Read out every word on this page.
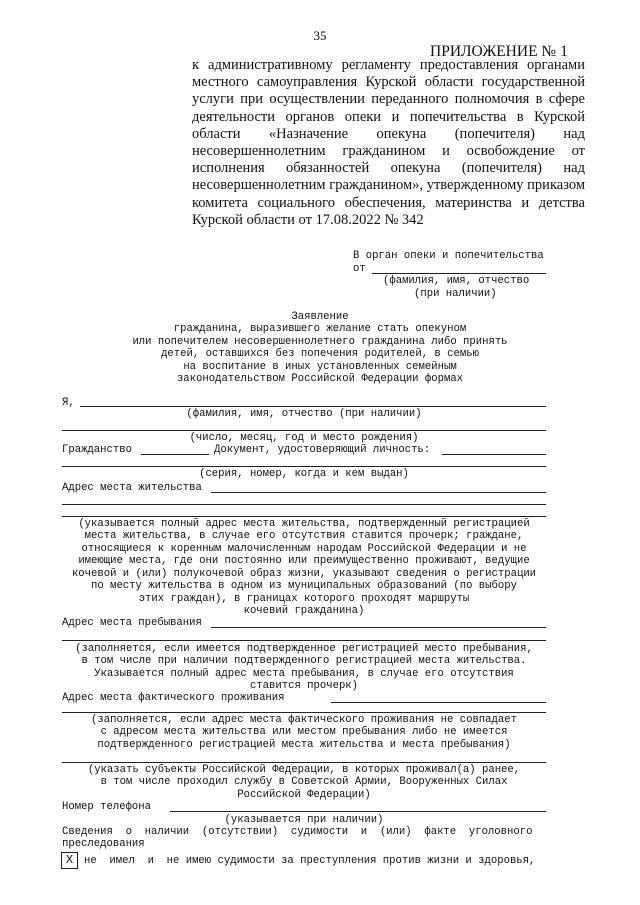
35
ПРИЛОЖЕНИЕ № 1
к административному регламенту предоставления органами местного самоуправления Курской области государственной услуги при осуществлении переданного полномочия в сфере деятельности органов опеки и попечительства в Курской области «Назначение опекуна (попечителя) над несовершеннолетним гражданином и освобождение от исполнения обязанностей опекуна (попечителя) над несовершеннолетним гражданином», утвержденному приказом комитета социального обеспечения, материнства и детства Курской области от 17.08.2022 № 342
В орган опеки и попечительства
от
(фамилия, имя, отчество
(при наличии)
Заявление
гражданина, выразившего желание стать опекуном
или попечителем несовершеннолетнего гражданина либо принять
детей, оставшихся без попечения родителей, в семью
на воспитание в иных установленных семейным
законодательством Российской Федерации формах
Я,
(фамилия, имя, отчество (при наличии)
(число, месяц, год и место рождения)
Гражданство	Документ, удостоверяющий личность:
(серия, номер, когда и кем выдан)
Адрес места жительства
(указывается полный адрес места жительства, подтвержденный регистрацией
места жительства, в случае его отсутствия ставится прочерк; граждане,
относящиеся к коренным малочисленным народам Российской Федерации и не
имеющие места, где они постоянно или преимущественно проживают, ведущие
кочевой и (или) полукочевой образ жизни, указывают сведения о регистрации
по месту жительства в одном из муниципальных образований (по выбору
этих граждан), в границах которого проходят маршруты
кочевий гражданина)
Адрес места пребывания
(заполняется, если имеется подтвержденное регистрацией место пребывания,
в том числе при наличии подтвержденного регистрацией места жительства.
Указывается полный адрес места пребывания, в случае его отсутствия
ставится прочерк)
Адрес места фактического проживания
(заполняется, если адрес места фактического проживания не совпадает
с адресом места жительства или местом пребывания либо не имеется
подтвержденного регистрацией места жительства и места пребывания)
(указать субъекты Российской Федерации, в которых проживал(а) ранее,
в том числе проходил службу в Советской Армии, Вооруженных Силах
Российской Федерации)
Номер телефона
(указывается при наличии)
Сведения  о  наличии  (отсутствии)  судимости  и  (или)  факте  уголовного
преследования
X	не  имел  и  не имею судимости за преступления против жизни и здоровья,
